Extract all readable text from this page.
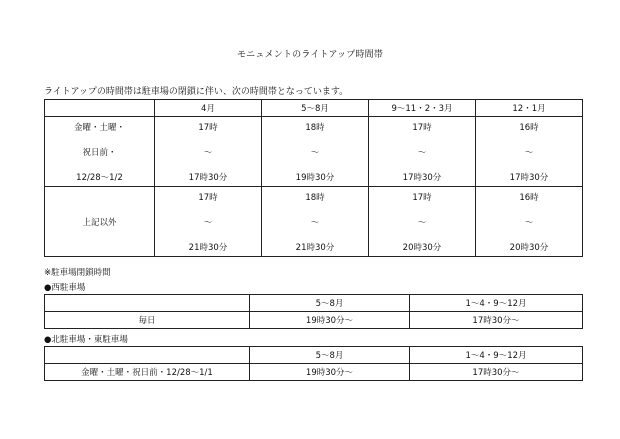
モニュメントのライトアップ時間帯
ライトアップの時間帯は駐車場の閉鎖に伴い、次の時間帯となっています。
	4月	5〜8月	9〜11・2・3月	12・1月

金曜・土曜・
祝日前・
12/28〜1/2	17時
〜
17時30分	18時
〜
19時30分	17時
〜
17時30分	16時
〜
17時30分

上記以外	17時
〜
21時30分	18時
〜
21時30分	17時
〜
20時30分	16時
〜
20時30分
※駐車場閉鎖時間
●西駐車場
	5〜8月	1〜4・9〜12月
毎日	19時30分〜	17時30分〜
●北駐車場・東駐車場
	5〜8月	1〜4・9〜12月
金曜・土曜・祝日前・12/28〜1/1	19時30分〜	17時30分〜
